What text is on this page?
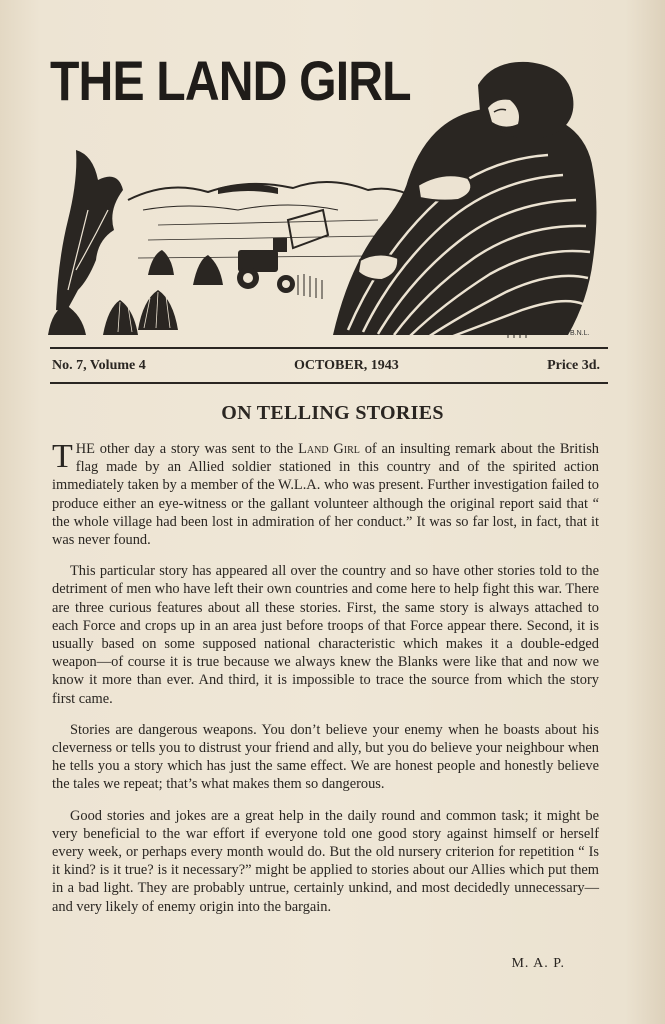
THE LAND GIRL
B.N.L.
No. 7, Volume 4	OCTOBER, 1943	Price 3d.
ON TELLING STORIES

THE other day a story was sent to the Land Girl of an insulting remark about the British flag made by an Allied soldier stationed in this country and of the spirited action immediately taken by a member of the W.L.A. who was present. Further investigation failed to produce either an eye-witness or the gallant volunteer although the original report said that “ the whole village had been lost in admiration of her conduct.” It was so far lost, in fact, that it was never found.

This particular story has appeared all over the country and so have other stories told to the detriment of men who have left their own countries and come here to help fight this war. There are three curious features about all these stories. First, the same story is always attached to each Force and crops up in an area just before troops of that Force appear there. Second, it is usually based on some supposed national characteristic which makes it a double-edged weapon—of course it is true because we always knew the Blanks were like that and now we know it more than ever. And third, it is impossible to trace the source from which the story first came.

Stories are dangerous weapons. You don’t believe your enemy when he boasts about his cleverness or tells you to distrust your friend and ally, but you do believe your neighbour when he tells you a story which has just the same effect. We are honest people and honestly believe the tales we repeat; that’s what makes them so dangerous.

Good stories and jokes are a great help in the daily round and common task; it might be very beneficial to the war effort if everyone told one good story against himself or herself every week, or perhaps every month would do. But the old nursery criterion for repetition “ Is it kind? is it true? is it necessary?” might be applied to stories about our Allies which put them in a bad light. They are probably untrue, certainly unkind, and most decidedly unnecessary—and very likely of enemy origin into the bargain.

M. A. P.
